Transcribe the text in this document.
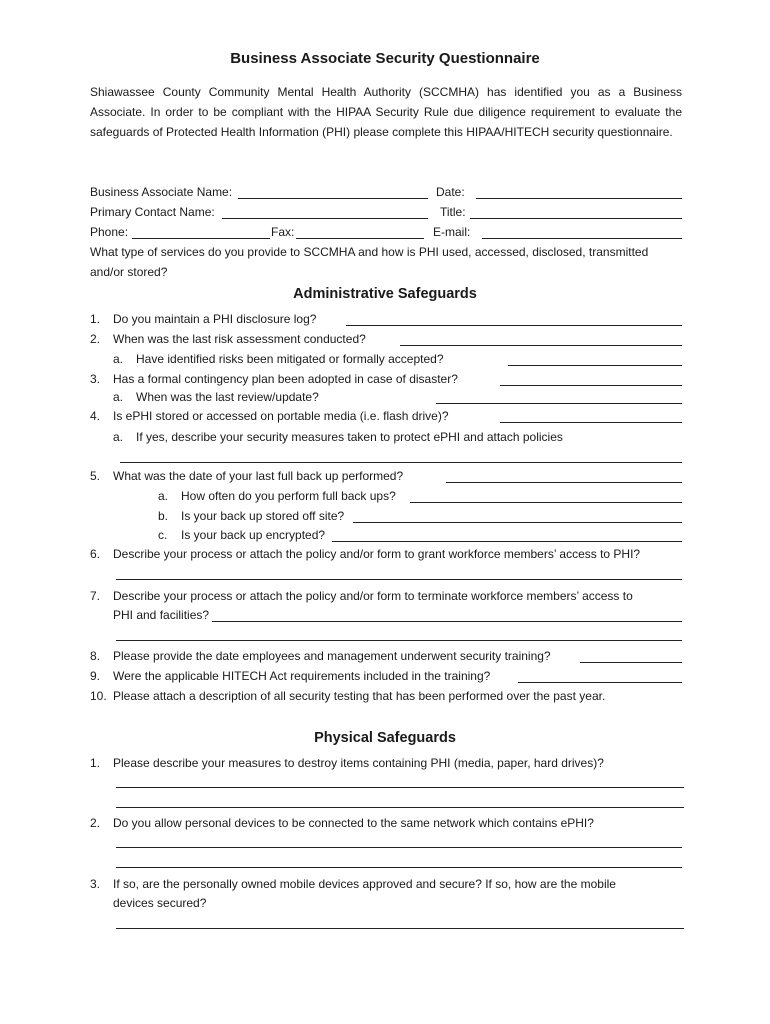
Business Associate Security Questionnaire
Shiawassee County Community Mental Health Authority (SCCMHA) has identified you as a Business Associate. In order to be compliant with the HIPAA Security Rule due diligence requirement to evaluate the safeguards of Protected Health Information (PHI) please complete this HIPAA/HITECH security questionnaire.
Business Associate Name:	Date:
Primary Contact Name:	Title:
Phone:	Fax:	E-mail:
What type of services do you provide to SCCMHA and how is PHI used, accessed, disclosed, transmitted
and/or stored?
Administrative Safeguards
1. Do you maintain a PHI disclosure log?
2. When was the last risk assessment conducted?
a. Have identified risks been mitigated or formally accepted?
3. Has a formal contingency plan been adopted in case of disaster?
a. When was the last review/update?
4. Is ePHI stored or accessed on portable media (i.e. flash drive)?
a. If yes, describe your security measures taken to protect ePHI and attach policies
5. What was the date of your last full back up performed?
a. How often do you perform full back ups?
b. Is your back up stored off site?
c. Is your back up encrypted?
6. Describe your process or attach the policy and/or form to grant workforce members’ access to PHI?
7. Describe your process or attach the policy and/or form to terminate workforce members’ access to
PHI and facilities?
8. Please provide the date employees and management underwent security training?
9. Were the applicable HITECH Act requirements included in the training?
10. Please attach a description of all security testing that has been performed over the past year.
Physical Safeguards
1. Please describe your measures to destroy items containing PHI (media, paper, hard drives)?
2. Do you allow personal devices to be connected to the same network which contains ePHI?
3. If so, are the personally owned mobile devices approved and secure? If so, how are the mobile
devices secured?
